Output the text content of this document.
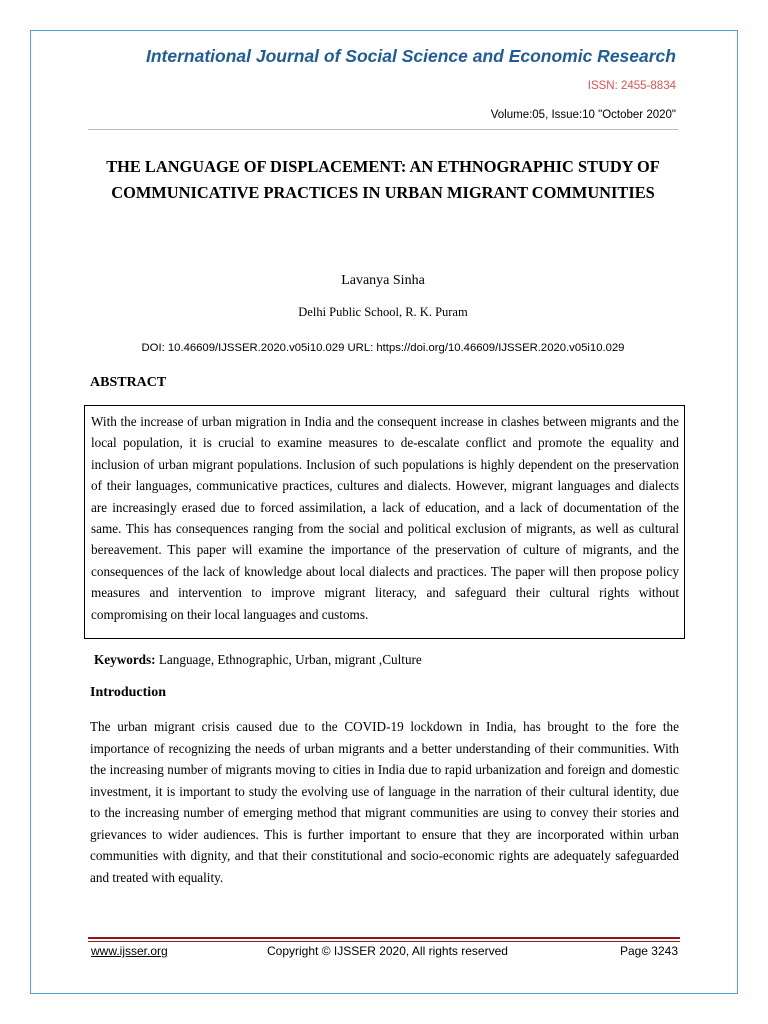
International Journal of Social Science and Economic Research
ISSN: 2455-8834
Volume:05, Issue:10 "October 2020"
THE LANGUAGE OF DISPLACEMENT: AN ETHNOGRAPHIC STUDY OF COMMUNICATIVE PRACTICES IN URBAN MIGRANT COMMUNITIES
Lavanya Sinha
Delhi Public School, R. K. Puram
DOI: 10.46609/IJSSER.2020.v05i10.029 URL: https://doi.org/10.46609/IJSSER.2020.v05i10.029
ABSTRACT

With the increase of urban migration in India and the consequent increase in clashes between migrants and the local population, it is crucial to examine measures to de-escalate conflict and promote the equality and inclusion of urban migrant populations. Inclusion of such populations is highly dependent on the preservation of their languages, communicative practices, cultures and dialects. However, migrant languages and dialects are increasingly erased due to forced assimilation, a lack of education, and a lack of documentation of the same. This has consequences ranging from the social and political exclusion of migrants, as well as cultural bereavement. This paper will examine the importance of the preservation of culture of migrants, and the consequences of the lack of knowledge about local dialects and practices. The paper will then propose policy measures and intervention to improve migrant literacy, and safeguard their cultural rights without compromising on their local languages and customs.

Keywords: Language, Ethnographic, Urban, migrant ,Culture
Introduction

The urban migrant crisis caused due to the COVID-19 lockdown in India, has brought to the fore the importance of recognizing the needs of urban migrants and a better understanding of their communities. With the increasing number of migrants moving to cities in India due to rapid urbanization and foreign and domestic investment, it is important to study the evolving use of language in the narration of their cultural identity, due to the increasing number of emerging method that migrant communities are using to convey their stories and grievances to wider audiences. This is further important to ensure that they are incorporated within urban communities with dignity, and that their constitutional and socio-economic rights are adequately safeguarded and treated with equality.

www.ijsser.org	Copyright © IJSSER 2020, All rights reserved	Page 3243
